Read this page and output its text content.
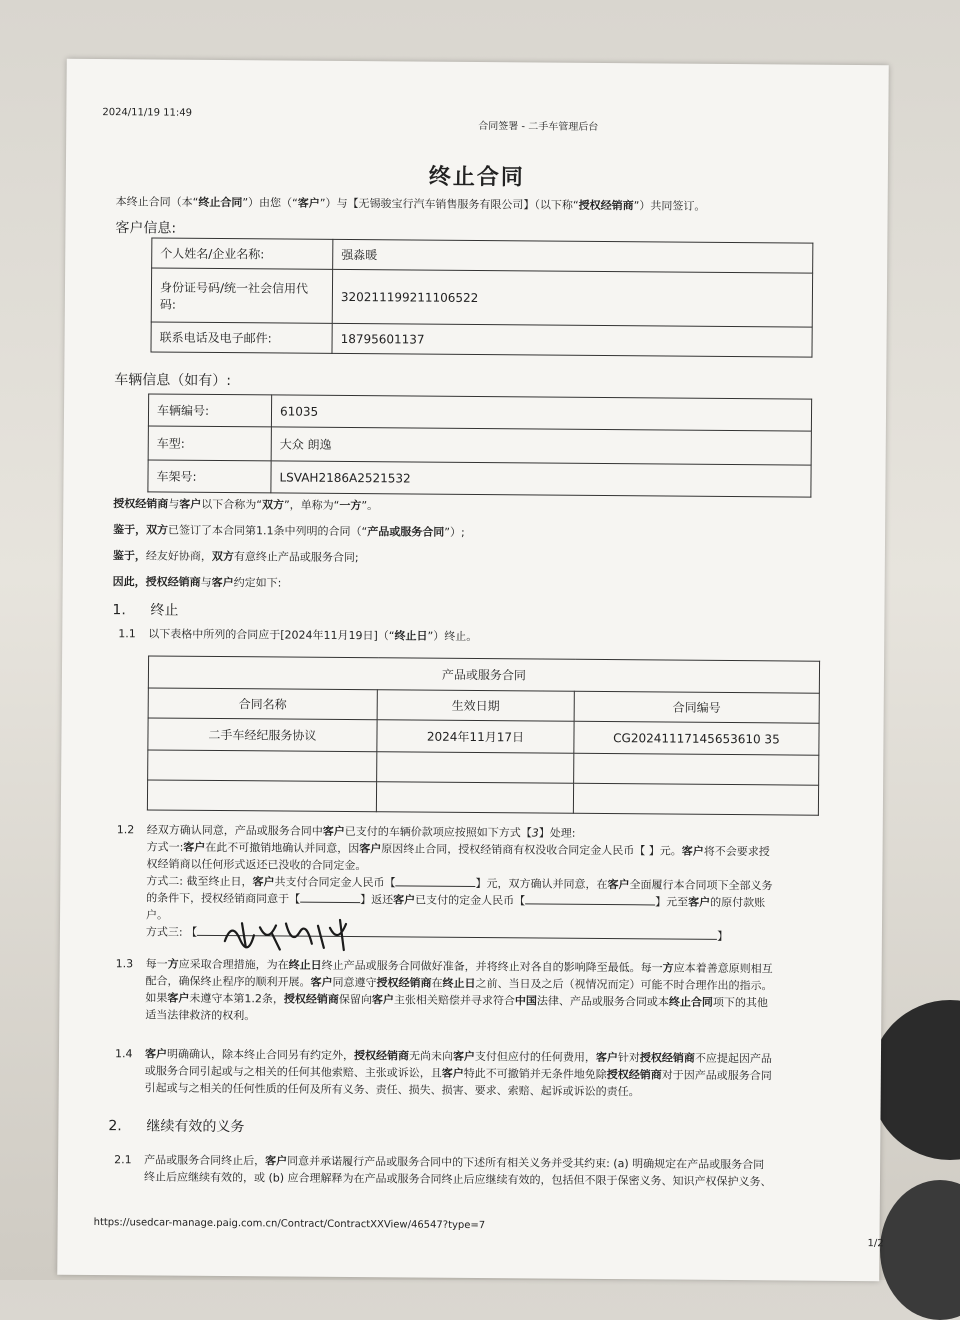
2024/11/19 11:49
合同签署 - 二手车管理后台
终止合同
本终止合同（本“终止合同”）由您（“客户”）与【无锡骏宝行汽车销售服务有限公司】（以下称“授权经销商”）共同签订。
客户信息:
个人姓名/企业名称:	强淼暖
身份证号码/统一社会信用代码:	320211199211106522
联系电话及电子邮件:	18795601137
车辆信息（如有）:
车辆编号:	61035
车型:	大众 朗逸
车架号:	LSVAH2186A2521532
授权经销商与客户以下合称为“双方”，单称为“一方”。
鉴于，双方已签订了本合同第1.1条中列明的合同（“产品或服务合同”）;
鉴于，经友好协商，双方有意终止产品或服务合同;
因此，授权经销商与客户约定如下:
1. 终止
1.1 以下表格中所列的合同应于[2024年11月19日]（“终止日”）终止。
产品或服务合同		
合同名称	生效日期	合同编号
二手车经纪服务协议	2024年11月17日	CG20241117145653610 35

1.2 经双方确认同意，产品或服务合同中客户已支付的车辆价款项应按照如下方式【3】处理:
方式一:客户在此不可撤销地确认并同意，因客户原因终止合同，授权经销商有权没收合同定金人民币【 】元。客户将不会要求授
权经销商以任何形式返还已没收的合同定金。
方式二: 截至终止日，客户共支付合同定金人民币【	】元，双方确认并同意，在客户全面履行本合同项下全部义务
的条件下，授权经销商同意于【	】返还客户已支付的定金人民币【	】元至客户的原付款账
户。
方式三: 【	】
1.3 每一方应采取合理措施，为在终止日终止产品或服务合同做好准备，并将终止对各自的影响降至最低。每一方应本着善意原则相互
配合，确保终止程序的顺利开展。客户同意遵守授权经销商在终止日之前、当日及之后（视情况而定）可能不时合理作出的指示。
如果客户未遵守本第1.2条，授权经销商保留向客户主张相关赔偿并寻求符合中国法律、产品或服务合同或本终止合同项下的其他
适当法律救济的权利。
1.4 客户明确确认，除本终止合同另有约定外，授权经销商无尚未向客户支付但应付的任何费用，客户针对授权经销商不应提起因产品
或服务合同引起或与之相关的任何其他索赔、主张或诉讼，且客户特此不可撤销并无条件地免除授权经销商对于因产品或服务合同
引起或与之相关的任何性质的任何及所有义务、责任、损失、损害、要求、索赔、起诉或诉讼的责任。
2. 继续有效的义务
2.1 产品或服务合同终止后，客户同意并承诺履行产品或服务合同中的下述所有相关义务并受其约束: (a) 明确规定在产品或服务合同
终止后应继续有效的，或 (b) 应合理解释为在产品或服务合同终止后应继续有效的，包括但不限于保密义务、知识产权保护义务、
https://usedcar-manage.paig.com.cn/Contract/ContractXXView/46547?type=7
1/2
